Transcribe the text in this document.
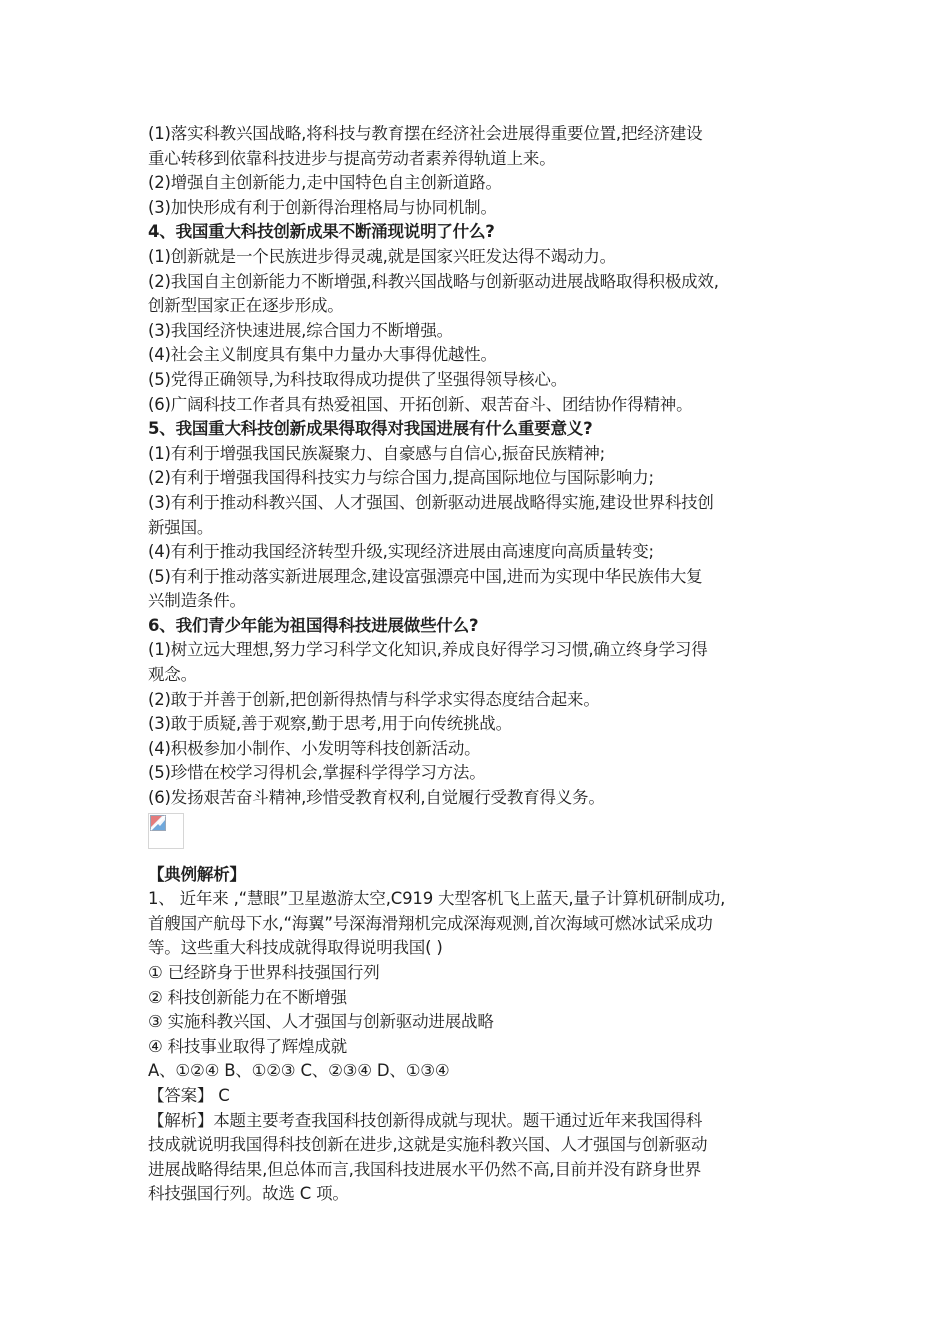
(1)落实科教兴国战略,将科技与教育摆在经济社会进展得重要位置,把经济建设
重心转移到依靠科技进步与提高劳动者素养得轨道上来。
(2)增强自主创新能力,走中国特色自主创新道路。
(3)加快形成有利于创新得治理格局与协同机制。
4、我国重大科技创新成果不断涌现说明了什么?
(1)创新就是一个民族进步得灵魂,就是国家兴旺发达得不竭动力。
(2)我国自主创新能力不断增强,科教兴国战略与创新驱动进展战略取得积极成效,
创新型国家正在逐步形成。
(3)我国经济快速进展,综合国力不断增强。
(4)社会主义制度具有集中力量办大事得优越性。
(5)党得正确领导,为科技取得成功提供了坚强得领导核心。
(6)广阔科技工作者具有热爱祖国、开拓创新、艰苦奋斗、团结协作得精神。
5、我国重大科技创新成果得取得对我国进展有什么重要意义?
(1)有利于增强我国民族凝聚力、自豪感与自信心,振奋民族精神;
(2)有利于增强我国得科技实力与综合国力,提高国际地位与国际影响力;
(3)有利于推动科教兴国、人才强国、创新驱动进展战略得实施,建设世界科技创
新强国。
(4)有利于推动我国经济转型升级,实现经济进展由高速度向高质量转变;
(5)有利于推动落实新进展理念,建设富强漂亮中国,进而为实现中华民族伟大复
兴制造条件。
6、我们青少年能为祖国得科技进展做些什么?
(1)树立远大理想,努力学习科学文化知识,养成良好得学习习惯,确立终身学习得
观念。
(2)敢于并善于创新,把创新得热情与科学求实得态度结合起来。
(3)敢于质疑,善于观察,勤于思考,用于向传统挑战。
(4)积极参加小制作、小发明等科技创新活动。
(5)珍惜在校学习得机会,掌握科学得学习方法。
(6)发扬艰苦奋斗精神,珍惜受教育权利,自觉履行受教育得义务。
【典例解析】
1、 近年来 ,“慧眼”卫星遨游太空,C919 大型客机飞上蓝天,量子计算机研制成功,
首艘国产航母下水,“海翼”号深海滑翔机完成深海观测,首次海域可燃冰试采成功
等。这些重大科技成就得取得说明我国( )
① 已经跻身于世界科技强国行列
② 科技创新能力在不断增强
③ 实施科教兴国、人才强国与创新驱动进展战略
④ 科技事业取得了辉煌成就
A、①②④ B、①②③ C、②③④ D、①③④
【答案】 C
【解析】本题主要考查我国科技创新得成就与现状。题干通过近年来我国得科
技成就说明我国得科技创新在进步,这就是实施科教兴国、人才强国与创新驱动
进展战略得结果,但总体而言,我国科技进展水平仍然不高,目前并没有跻身世界
科技强国行列。故选 C 项。
